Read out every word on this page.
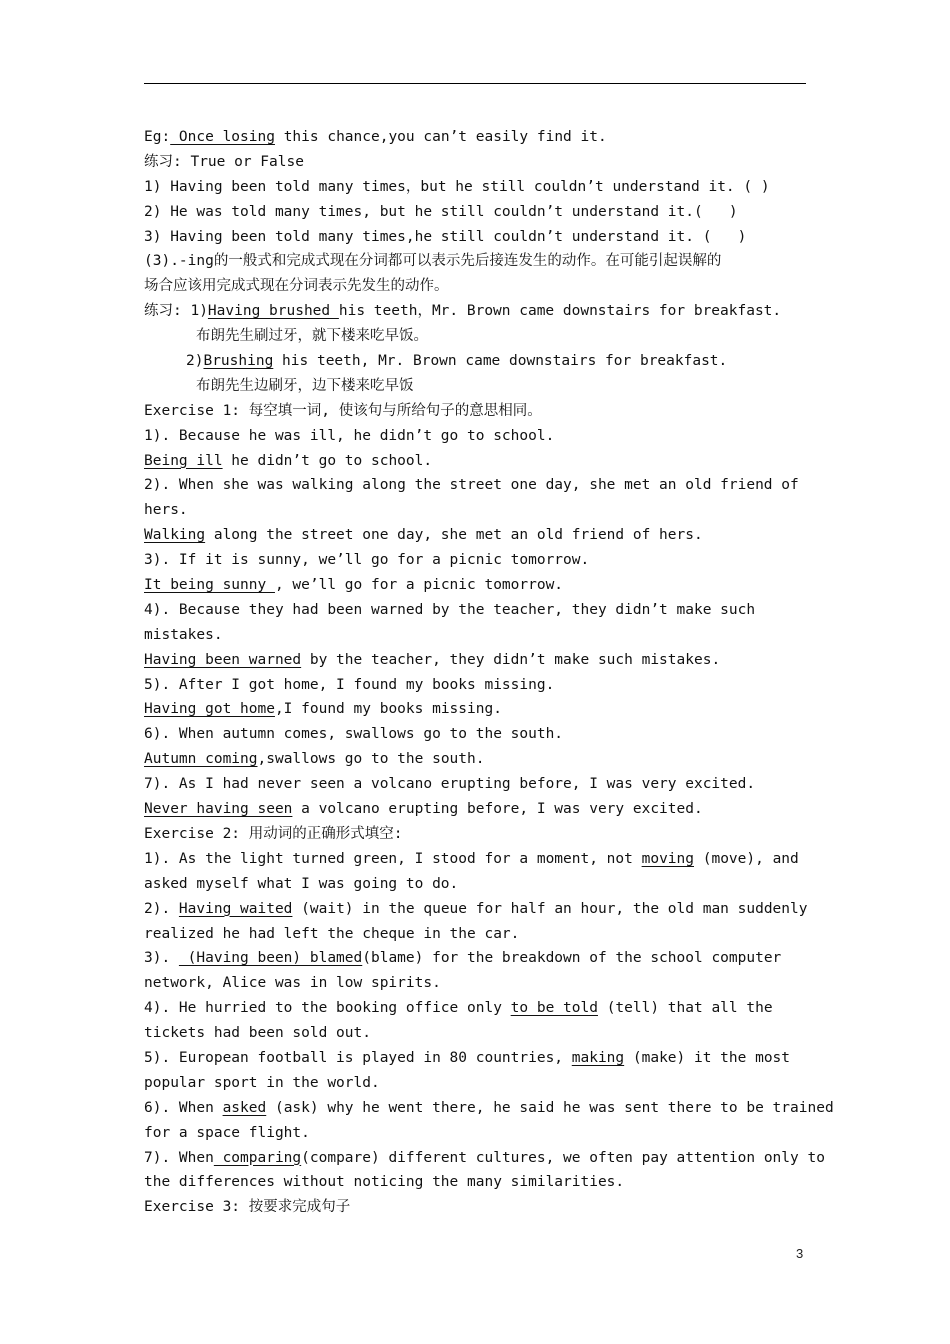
Eg: Once losing this chance,you can’t easily find it.
练习: True or False
1) Having been told many times，but he still couldn’t understand it. ( )
2) He was told many times, but he still couldn’t understand it.(   )
3) Having been told many times,he still couldn’t understand it. (   )
(3).-ing的一般式和完成式现在分词都可以表示先后接连发生的动作。在可能引起误解的
场合应该用完成式现在分词表示先发生的动作。
练习: 1)Having brushed his teeth，Mr. Brown came downstairs for breakfast.
布朗先生刷过牙，就下楼来吃早饭。
2)Brushing his teeth, Mr. Brown came downstairs for breakfast.
布朗先生边刷牙，边下楼来吃早饭
Exercise 1: 每空填一词, 使该句与所给句子的意思相同。
1). Because he was ill, he didn’t go to school.
Being ill he didn’t go to school.
2). When she was walking along the street one day, she met an old friend of
hers.
Walking along the street one day, she met an old friend of hers.
3). If it is sunny, we’ll go for a picnic tomorrow.
It being sunny , we’ll go for a picnic tomorrow.
4). Because they had been warned by the teacher, they didn’t make such
mistakes.
Having been warned by the teacher, they didn’t make such mistakes.
5). After I got home, I found my books missing.
Having got home,I found my books missing.
6). When autumn comes, swallows go to the south.
Autumn coming,swallows go to the south.
7). As I had never seen a volcano erupting before, I was very excited.
Never having seen a volcano erupting before, I was very excited.
Exercise 2: 用动词的正确形式填空:
1). As the light turned green, I stood for a moment, not moving (move), and
asked myself what I was going to do.
2). Having waited (wait) in the queue for half an hour, the old man suddenly
realized he had left the cheque in the car.
3).  (Having been) blamed(blame) for the breakdown of the school computer
network, Alice was in low spirits.
4). He hurried to the booking office only to be told (tell) that all the
tickets had been sold out.
5). European football is played in 80 countries, making (make) it the most
popular sport in the world.
6). When asked (ask) why he went there, he said he was sent there to be trained
for a space flight.
7). When comparing(compare) different cultures, we often pay attention only to
the differences without noticing the many similarities.
Exercise 3: 按要求完成句子
3
